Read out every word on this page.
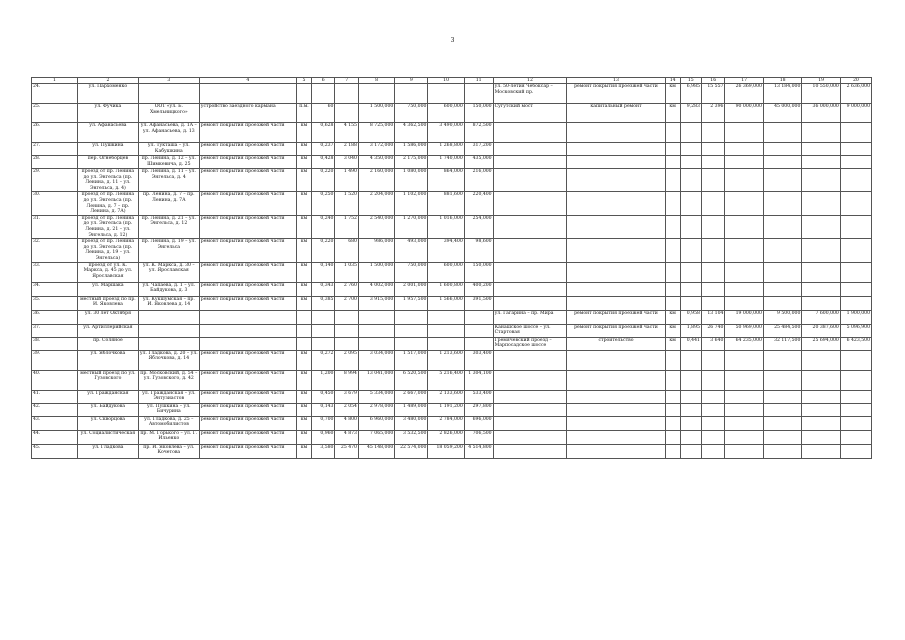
3
1	2	3	4	5	6	7	8	9	10	11	12	13	14	15	16	17	18	19	20
24.	ул. Пархоменко										ул. 50-летия Чебоксар – Московский пр.	ремонт покрытия проезжей части	км	6,985	15 557	26 369,000	13 184,000	10 550,000	2 636,000
25.	ул. Фучика	ООТ «ул. Б. Хмельницкого»	устройство заездного кармана	п.м.	60		1 500,000	750,000	600,000	150,000	Сугутский мост	капитальный ремонт	км	9,283	2 396	90 000,000	45 000,000	36 000,000	9 000,000
26.	ул. Афанасьева	ул. Афанасьева, д. 1А – ул. Афанасьева, д. 13	ремонт покрытия проезжей части	км	0,628	4 155	8 725,000	4 362,500	3 490,000	872,500									
27.	ул. Пушкина	ул. Тукташа – ул. Кабушкина	ремонт покрытия проезжей части	км	0,237	2 188	3 172,000	1 586,000	1 268,800	317,200									
28.	пер. Огнеборцев	пр. Ленина, д. 12 – ул. Шимкевича, д. 25	ремонт покрытия проезжей части	км	0,428	3 040	4 350,000	2 175,000	1 740,000	435,000									
29.	проезд от пр. Ленина до ул. Энгельса (пр. Ленина, д. 11 – ул. Энгельса, д. 4)	пр. Ленина, д. 11 – ул. Энгельса, д. 4	ремонт покрытия проезжей части	км	0,220	1 490	2 160,000	1 080,000	864,000	216,000									
30.	проезд от пр. Ленина до ул. Энгельса (пр. Ленина, д. 7 – пр. Ленина, д. 7А)	пр. Ленина, д. 7 – пр. Ленина, д. 7А	ремонт покрытия проезжей части	км	0,250	1 520	2 204,000	1 102,000	881,600	220,400									
31.	проезд от пр. Ленина до ул. Энгельса (пр. Ленина, д. 21 – ул. Энгельса, д. 12)	пр. Ленина, д. 21 – ул. Энгельса, д. 12	ремонт покрытия проезжей части	км	0,240	1 752	2 540,000	1 270,000	1 016,000	254,000									
32.	проезд от пр. Ленина до ул. Энгельса (пр. Ленина, д. 19 – ул. Энгельса)	пр. Ленина, д. 19 – ул. Энгельса	ремонт покрытия проезжей части	км	0,220	680	986,000	493,000	394,400	98,600									
33.	проезд от ул. К. Маркса, д. 45 до ул. Ярославская	ул. К. Маркса, д. 30 – ул. Ярославская	ремонт покрытия проезжей части	км	0,140	1 035	1 500,000	750,000	600,000	150,000									
34.	ул. Маршака	ул. Чапаева, д. 1 – ул. Байдукова, д. 3	ремонт покрытия проезжей части	км	0,343	2 760	4 002,000	2 001,000	1 600,800	400,200									
35.	местный проезд по пр. И. Яковлева	ул. Кукшумская – пр. И. Яковлева д. 14	ремонт покрытия проезжей части	км	0,385	2 700	3 915,000	1 957,500	1 566,000	391,500									
36.	ул. 30 лет Октября										ул. Гагарина – пр. Мира	ремонт покрытия проезжей части	км	0,958	13 104	19 000,000	9 500,000	7 600,000	1 900,000
37.	ул. Артиллерийская										Канашское шоссе – ул. Стартовая	ремонт покрытия проезжей части	км	1,895	26 740	50 969,000	25 484,500	20 387,600	5 096,900
38.	пр. Соляное										Гремячевский проезд – Марпосадское шоссе	строительство	км	0,441	3 640	64 235,000	32 117,500	25 694,000	6 423,500
39.	ул. Яблочкова	ул. Гладкова, д. 20 – ул. Яблочкова, д. 14	ремонт покрытия проезжей части	км	0,272	2 095	3 034,000	1 517,000	1 213,600	303,400									
40.	местный проезд по ул. Гузовского	пр. Московский, д. 54 – ул. Гузовского, д. 42	ремонт покрытия проезжей части	км	1,200	8 994	13 041,000	6 520,500	5 216,400	1 304,100									
41.	ул. Гражданская	ул. Гражданская – ул. Энтузиастов	ремонт покрытия проезжей части	км	0,450	3 679	5 334,000	2 667,000	2 133,600	533,400									
42.	ул. Байдукова	ул. Пушкина – ул. Бичурина	ремонт покрытия проезжей части	км	0,143	2 054	2 978,000	1 489,000	1 191,200	297,800									
43.	ул. Скворцова	ул. Гладкова, д. 25 – Автомобилистов	ремонт покрытия проезжей части	км	0,700	4 800	6 960,000	3 480,000	2 784,000	696,000									
44.	ул. Социалистическая	пр. М. Горького – ул. Г. Ильенко	ремонт покрытия проезжей части	км	0,960	4 873	7 065,000	3 532,500	2 826,000	706,500									
45.	ул. Гладкова	пр. И. Яковлева – ул. Кочетова	ремонт покрытия проезжей части	км	3,580	25 470	45 148,000	22 574,000	18 059,200	4 514,800									
